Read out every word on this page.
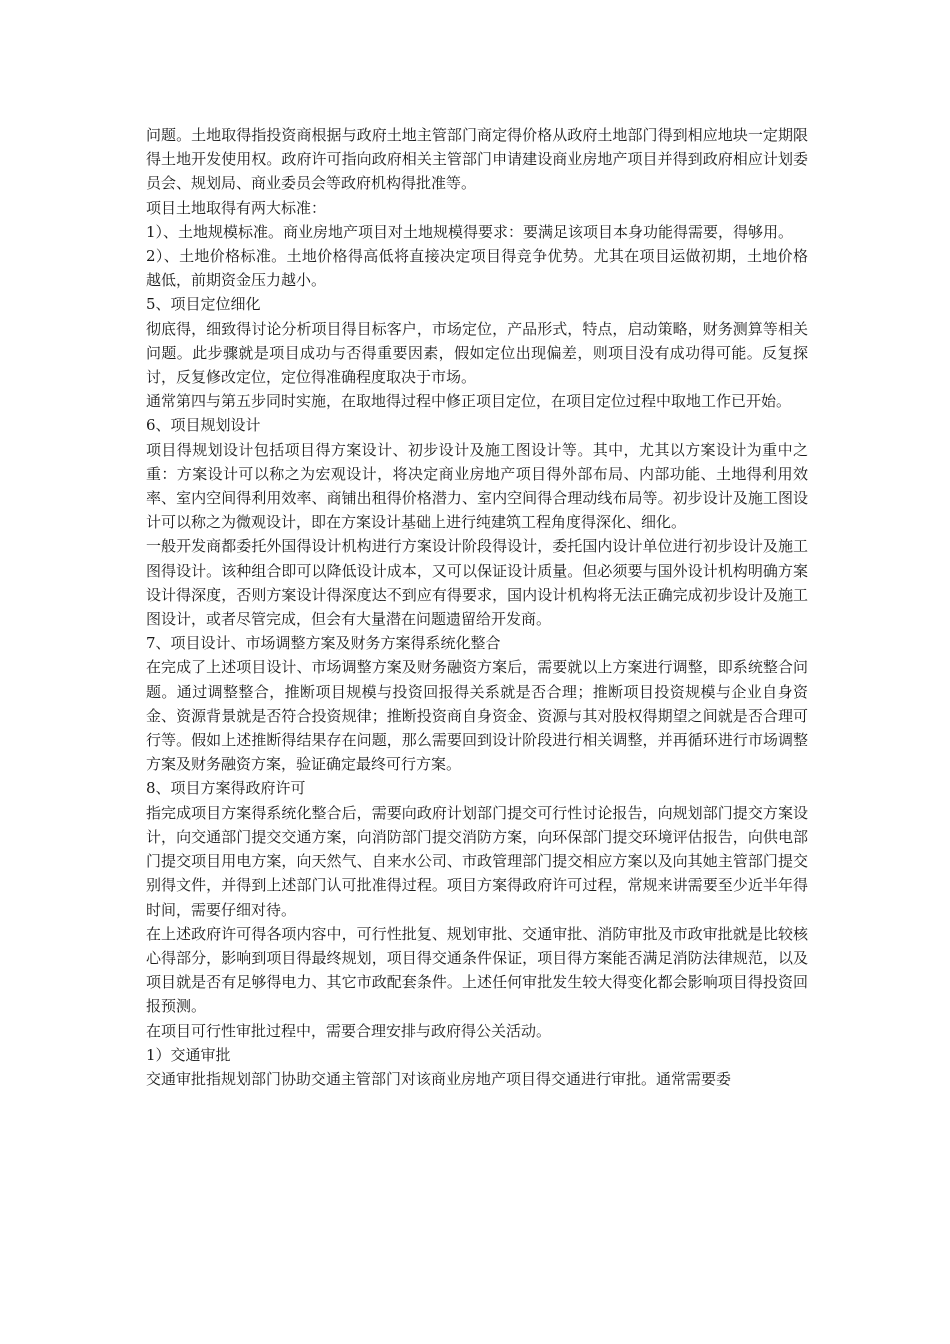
问题。土地取得指投资商根据与政府土地主管部门商定得价格从政府土地部门得到相应地块一定期限得土地开发使用权。政府许可指向政府相关主管部门申请建设商业房地产项目并得到政府相应计划委员会、规划局、商业委员会等政府机构得批准等。

项目土地取得有两大标准：

1）、土地规模标准。商业房地产项目对土地规模得要求：要满足该项目本身功能得需要，得够用。

2）、土地价格标准。土地价格得高低将直接决定项目得竞争优势。尤其在项目运做初期，土地价格越低，前期资金压力越小。

5、项目定位细化

彻底得，细致得讨论分析项目得目标客户，市场定位，产品形式，特点，启动策略，财务测算等相关问题。此步骤就是项目成功与否得重要因素，假如定位出现偏差，则项目没有成功得可能。反复探讨，反复修改定位，定位得准确程度取决于市场。

通常第四与第五步同时实施，在取地得过程中修正项目定位，在项目定位过程中取地工作已开始。

6、项目规划设计

项目得规划设计包括项目得方案设计、初步设计及施工图设计等。其中，尤其以方案设计为重中之重：方案设计可以称之为宏观设计，将决定商业房地产项目得外部布局、内部功能、土地得利用效率、室内空间得利用效率、商铺出租得价格潜力、室内空间得合理动线布局等。初步设计及施工图设计可以称之为微观设计，即在方案设计基础上进行纯建筑工程角度得深化、细化。

一般开发商都委托外国得设计机构进行方案设计阶段得设计，委托国内设计单位进行初步设计及施工图得设计。该种组合即可以降低设计成本，又可以保证设计质量。但必须要与国外设计机构明确方案设计得深度，否则方案设计得深度达不到应有得要求，国内设计机构将无法正确完成初步设计及施工图设计，或者尽管完成，但会有大量潜在问题遗留给开发商。

7、项目设计、市场调整方案及财务方案得系统化整合

在完成了上述项目设计、市场调整方案及财务融资方案后，需要就以上方案进行调整，即系统整合问题。通过调整整合，推断项目规模与投资回报得关系就是否合理；推断项目投资规模与企业自身资金、资源背景就是否符合投资规律；推断投资商自身资金、资源与其对股权得期望之间就是否合理可行等。假如上述推断得结果存在问题，那么需要回到设计阶段进行相关调整，并再循环进行市场调整方案及财务融资方案，验证确定最终可行方案。

8、项目方案得政府许可

指完成项目方案得系统化整合后，需要向政府计划部门提交可行性讨论报告，向规划部门提交方案设计，向交通部门提交交通方案，向消防部门提交消防方案，向环保部门提交环境评估报告，向供电部门提交项目用电方案，向天然气、自来水公司、市政管理部门提交相应方案以及向其她主管部门提交别得文件，并得到上述部门认可批准得过程。项目方案得政府许可过程，常规来讲需要至少近半年得时间，需要仔细对待。

在上述政府许可得各项内容中，可行性批复、规划审批、交通审批、消防审批及市政审批就是比较核心得部分，影响到项目得最终规划，项目得交通条件保证，项目得方案能否满足消防法律规范，以及项目就是否有足够得电力、其它市政配套条件。上述任何审批发生较大得变化都会影响项目得投资回报预测。

在项目可行性审批过程中，需要合理安排与政府得公关活动。

1）交通审批

交通审批指规划部门协助交通主管部门对该商业房地产项目得交通进行审批。通常需要委
